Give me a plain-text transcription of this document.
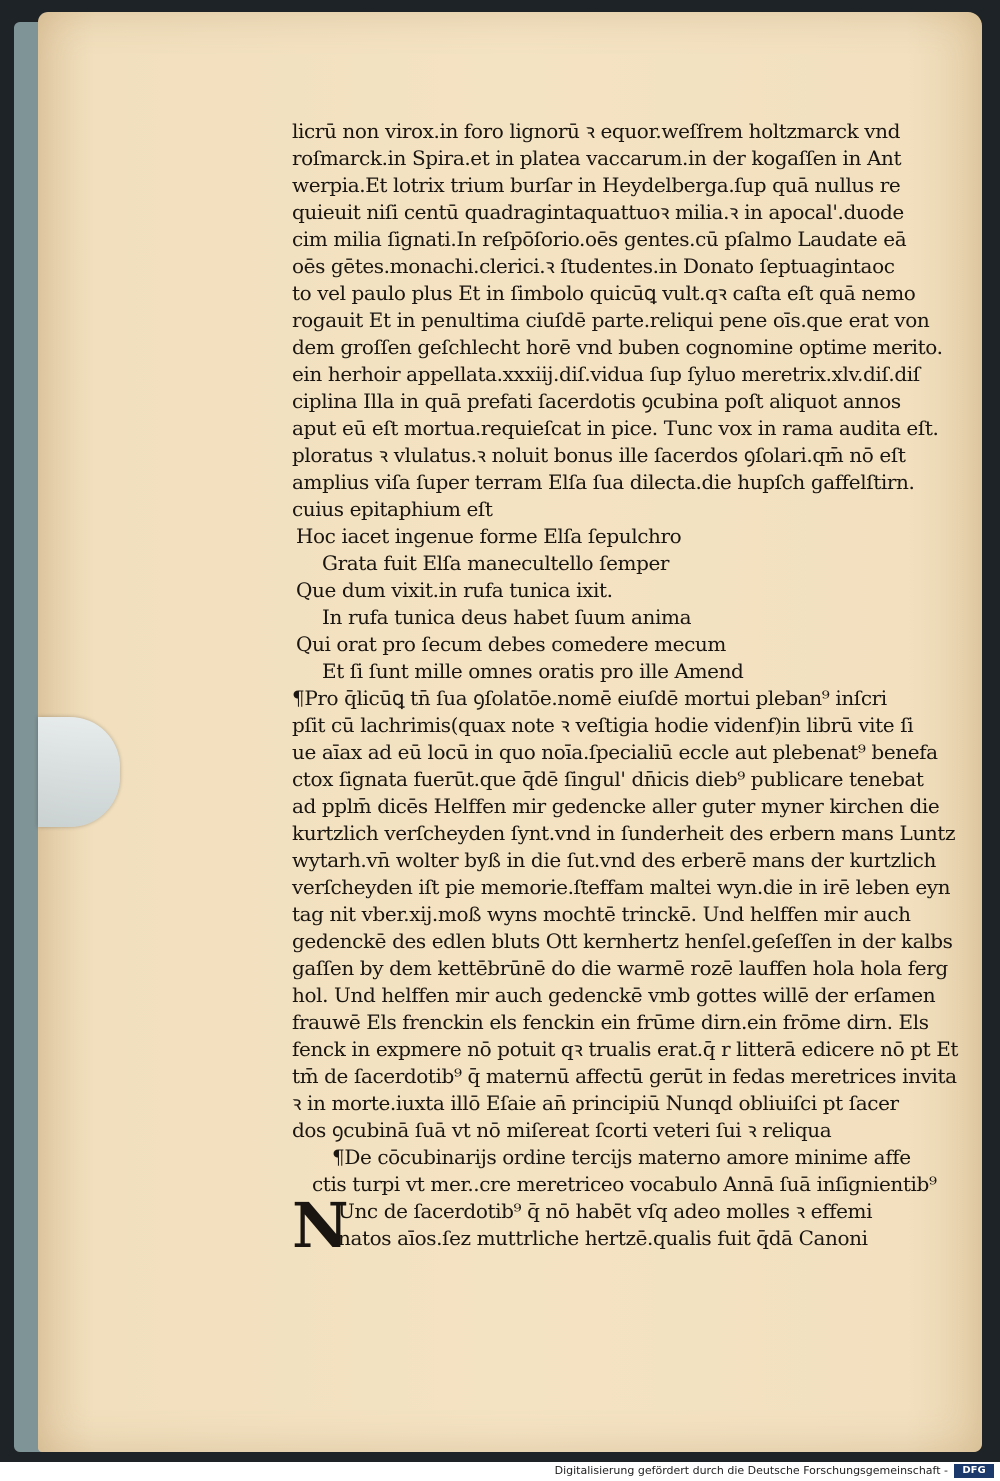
licrū non virox.in foro lignorū ꝛ equor.weſſrem holtzmarck vnd
roſmarck.in Spira.et in platea vaccarum.in der kogaſſen in Ant
werpia.Et lotrix trium burſar in Heydelberga.ſup quā nullus re
quieuit niſi centū quadragintaquattuoꝛ milia.ꝛ in apocal'.duode
cim milia ſignati.In reſpōſorio.oēs gentes.cū pſalmo Laudate eā
oēs gētes.monachi.clerici.ꝛ ſtudentes.in Donato ſeptuagintaoc
to vel paulo plus Et in ſimbolo quicūꝗ vult.qꝛ caſta eſt quā nemo
rogauit Et in penultima ciuſdē parte.reliqui pene oīs.que erat von
dem groſſen geſchlecht horē vnd buben cognomine optime merito.
ein herhoir appellata.xxxiij.diſ.vidua ſup ſyluo meretrix.xlv.diſ.diſ
ciplina Illa in quā prefati ſacerdotis ꝯcubina poſt aliquot annos
aput eū eſt mortua.requieſcat in pice. Tunc vox in rama audita eſt.
ploratus ꝛ vlulatus.ꝛ noluit bonus ille ſacerdos ꝯſolari.qm̄ nō eſt
amplius viſa ſuper terram Elſa ſua dilecta.die hupſch gaffelſtirn.
cuius epitaphium eſt
Hoc iacet ingenue forme Elſa ſepulchro
Grata fuit Elſa manecultello ſemper
Que dum vixit.in rufa tunica ixit.
In rufa tunica deus habet ſuum anima
Qui orat pro ſecum debes comedere mecum
Et ſi ſunt mille omnes oratis pro ille Amend
¶Pro q̄licūꝗ tn̄ ſua ꝯſolatōe.nomē eiuſdē mortui pleban⁹ inſcri
pſit cū lachrimis(quax note ꝛ veſtigia hodie videnf)in librū vite ſi
ue aīax ad eū locū in quo noīa.ſpecialiū eccle aut plebenat⁹ benefa
ctox ſignata fuerūt.que q̄dē ſingul' dn̄icis dieb⁹ publicare tenebat
ad pplm̄ dicēs Helffen mir gedencke aller guter myner kirchen die
kurtzlich verſcheyden ſynt.vnd in ſunderheit des erbern mans Luntz
wytarh.vn̄ wolter byß in die ſut.vnd des erberē mans der kurtzlich
verſcheyden iſt pie memorie.ſteffam maltei wyn.die in irē leben eyn
tag nit vber.xij.moß wyns mochtē trinckē. Und helffen mir auch
gedenckē des edlen bluts Ott kernhertz henſel.geſeſſen in der kalbs
gaſſen by dem kettēbrūnē do die warmē rozē lauffen hola hola ferg
hol. Und helffen mir auch gedenckē vmb gottes willē der erſamen
frauwē Els frenckin els fenckin ein frūme dirn.ein frōme dirn. Els
fenck in expmere nō potuit qꝛ trualis erat.q̄ r litterā edicere nō pt Et
tm̄ de ſacerdotib⁹ q̄ maternū affectū gerūt in fedas meretrices invita
ꝛ in morte.iuxta illō Eſaie an̄ principiū Nunqd obliuiſci pt ſacer
dos ꝯcubinā ſuā vt nō miſereat ſcorti veteri ſui ꝛ reliqua
¶De cōcubinarijs ordine tercijs materno amore minime affe
ctis turpi vt mer..cre meretriceo vocabulo Annā ſuā inſignientib⁹
N
Unc de ſacerdotib⁹ q̄ nō habēt vſq adeo molles ꝛ effemi
natos aīos.ſez muttrliche hertzē.qualis fuit q̄dā Canoni
Digitalisierung gefördert durch die Deutsche Forschungsgemeinschaft -	DFG
